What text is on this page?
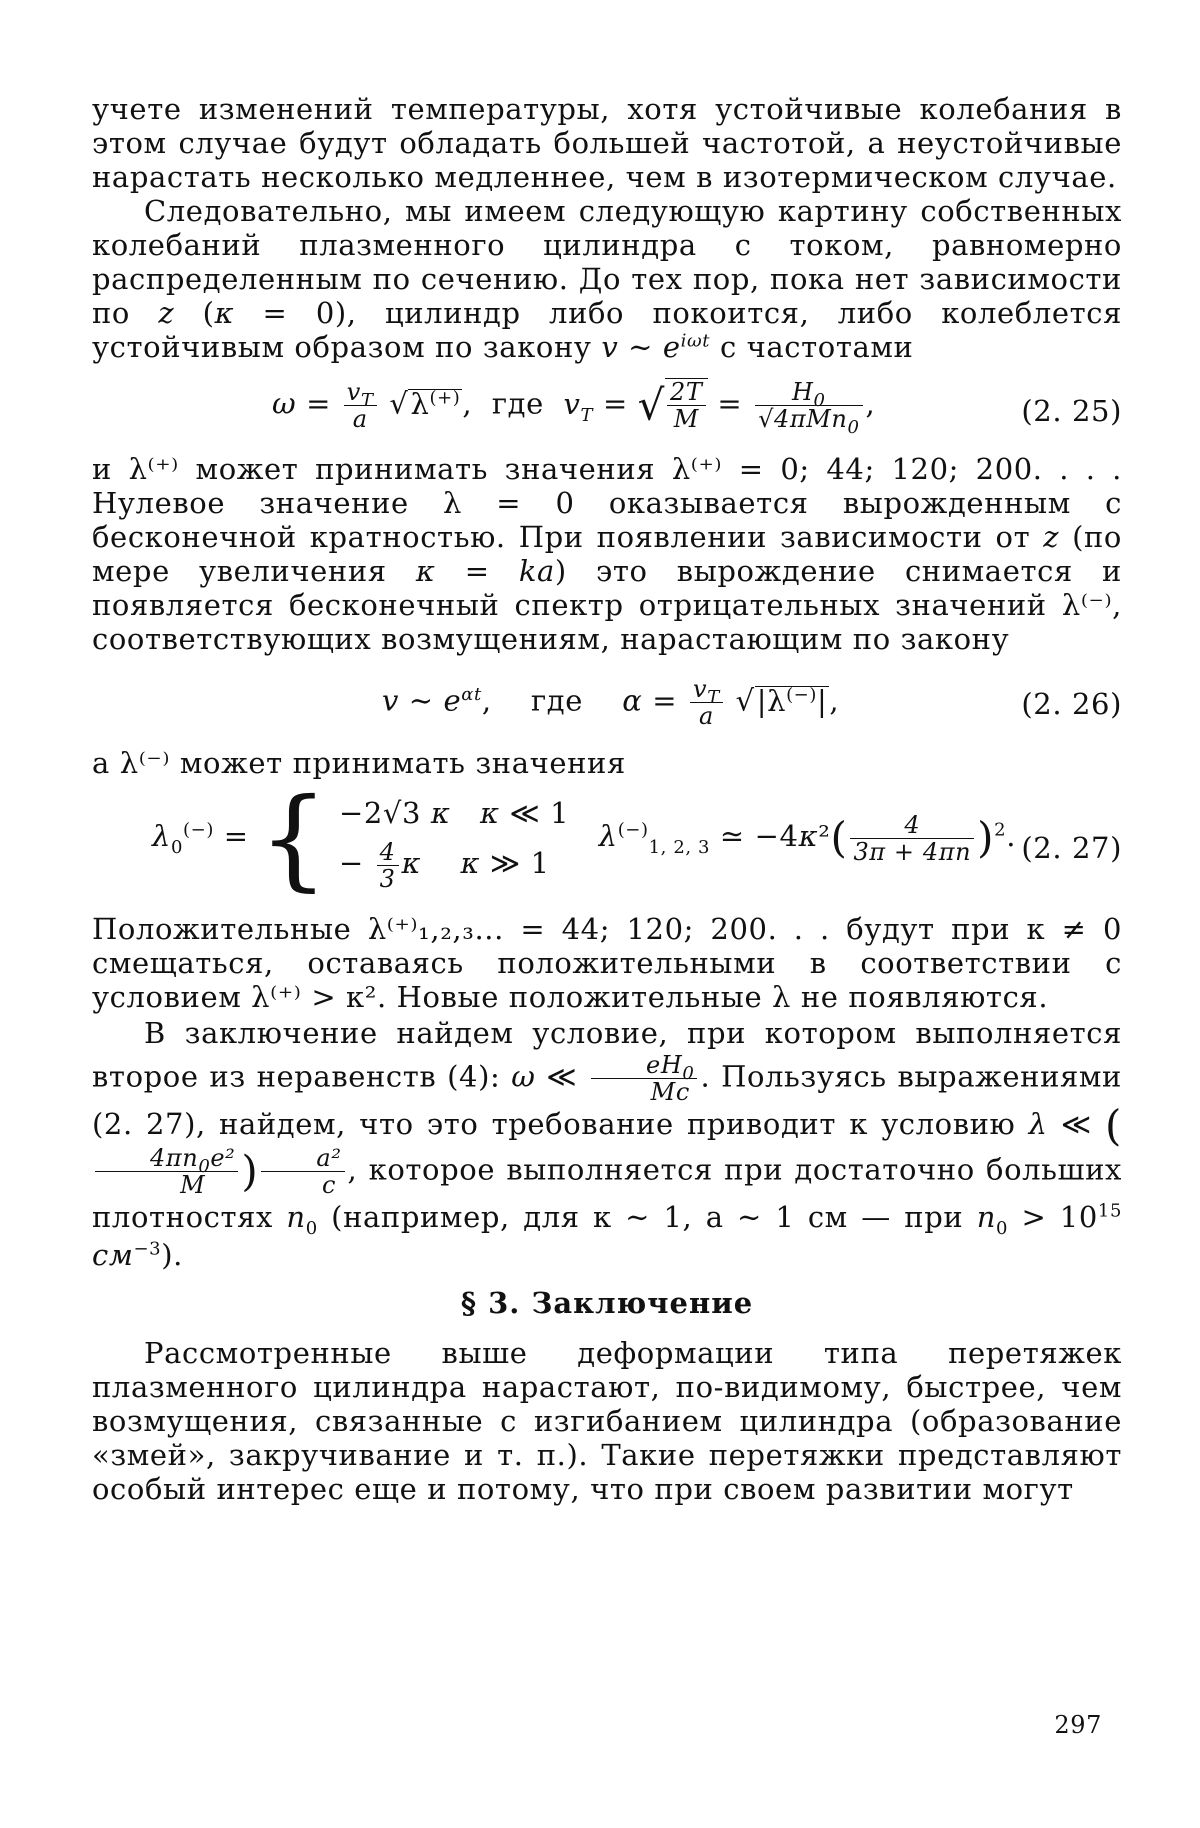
учете изменений температуры, хотя устойчивые колебания в этом случае будут обладать большей частотой, а неустойчивые нарастать несколько медленнее, чем в изотермическом случае.

Следовательно, мы имеем следующую картину собственных колебаний плазменного цилиндра с током, равномерно распределенным по сечению. До тех пор, пока нет зависимости по z (κ = 0), цилиндр либо покоится, либо колеблется устойчивым образом по закону v ∼ $e^{i\omega t}$ с частотами

$\omega = \frac{v_T}{a} √\lambda^{(+)}$,  где $v_T$ = √ $\frac{2T}{M} = \frac{H_0}{√4\pi Mn_0}$ ,	(2. 25)

и λ⁽⁺⁾ может принимать значения λ⁽⁺⁾ = 0; 44; 120; 200. . . . Нулевое значение λ = 0 оказывается вырожденным с бесконечной кратностью. При появлении зависимости от z (по мере увеличения κ = ka) это вырождение снимается и появляется бесконечный спектр отрицательных значений λ⁽⁻⁾, соответствующих возмущениям, нарастающим по закону

v ∼ $e^{\alpha t}$,    где $\alpha = \frac{v_T}{a} √|\lambda^{(-)}|$,	(2. 26)

а λ⁽⁻⁾ может принимать значения

$\lambda_0^{(-)}$ = { −2√3 κ κ ≪ 1
− $\frac{4}{3}$ κ κ ≫ 1
$\lambda^{(-)}_{1, 2, 3}$ ≃ $-4\kappa^2( \frac{4}{3\pi + 4\pi n} )^2$. (2. 27)

Положительные λ⁽⁺⁾₁,₂,₃... = 44; 120; 200. . . будут при κ ≠ 0 смещаться, оставаясь положительными в соответствии с условием λ⁽⁺⁾ > κ². Новые положительные λ не появляются.

В заключение найдем условие, при котором выполняется второе из неравенств (4): ω ≪ $\frac{eH_0}{Mc}$ . Пользуясь выражениями (2. 27), найдем, что это требование приводит к условию λ ≪ (
$\frac{4\pi n_0e^2}{M}$ ) $\frac{\text{a²}}{c}$ , которое выполняется при достаточно больших плотностях $n_0$ (например, для κ ∼ 1, a ∼ 1 см — при $n_0 > 10^{15}$ $см^{-3}$).

§ 3. Заключение

Рассмотренные выше деформации типа перетяжек плазменного цилиндра нарастают, по-видимому, быстрее, чем возмущения, связанные с изгибанием цилиндра (образование «змей», закручивание и т. п.). Такие перетяжки представляют особый интерес еще и потому, что при своем развитии могут

297
